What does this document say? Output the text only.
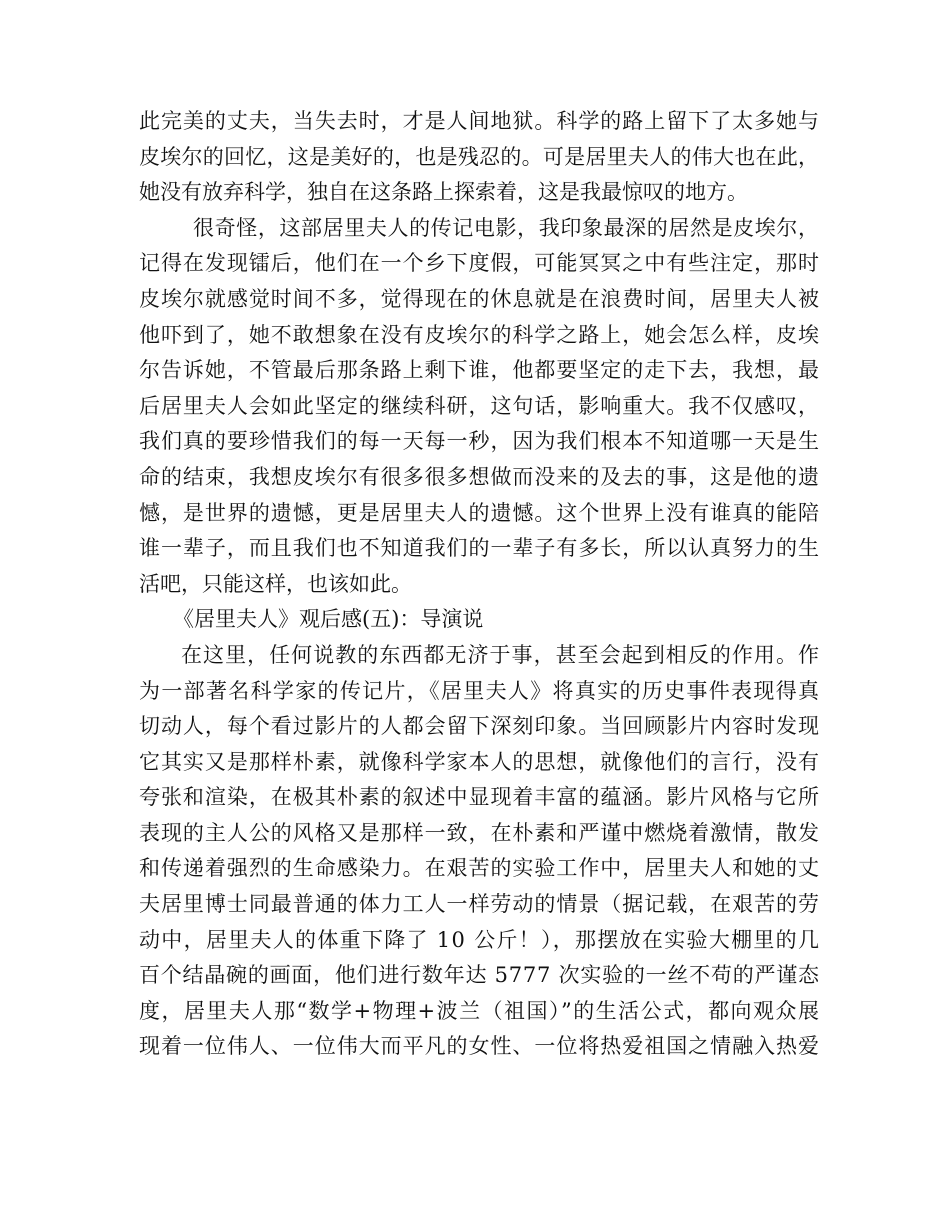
此完美的丈夫，当失去时，才是人间地狱。科学的路上留下了太多她与
皮埃尔的回忆，这是美好的，也是残忍的。可是居里夫人的伟大也在此，
她没有放弃科学，独自在这条路上探索着，这是我最惊叹的地方。
很奇怪，这部居里夫人的传记电影，我印象最深的居然是皮埃尔，
记得在发现镭后，他们在一个乡下度假，可能冥冥之中有些注定，那时
皮埃尔就感觉时间不多，觉得现在的休息就是在浪费时间，居里夫人被
他吓到了，她不敢想象在没有皮埃尔的科学之路上，她会怎么样，皮埃
尔告诉她，不管最后那条路上剩下谁，他都要坚定的走下去，我想，最
后居里夫人会如此坚定的继续科研，这句话，影响重大。我不仅感叹，
我们真的要珍惜我们的每一天每一秒，因为我们根本不知道哪一天是生
命的结束，我想皮埃尔有很多很多想做而没来的及去的事，这是他的遗
憾，是世界的遗憾，更是居里夫人的遗憾。这个世界上没有谁真的能陪
谁一辈子，而且我们也不知道我们的一辈子有多长，所以认真努力的生
活吧，只能这样，也该如此。
《居里夫人》观后感(五)：导演说
在这里，任何说教的东西都无济于事，甚至会起到相反的作用。作
为一部著名科学家的传记片，《居里夫人》将真实的历史事件表现得真
切动人，每个看过影片的人都会留下深刻印象。当回顾影片内容时发现
它其实又是那样朴素，就像科学家本人的思想，就像他们的言行，没有
夸张和渲染，在极其朴素的叙述中显现着丰富的蕴涵。影片风格与它所
表现的主人公的风格又是那样一致，在朴素和严谨中燃烧着激情，散发
和传递着强烈的生命感染力。在艰苦的实验工作中，居里夫人和她的丈
夫居里博士同最普通的体力工人一样劳动的情景（据记载，在艰苦的劳
动中，居里夫人的体重下降了 10 公斤！），那摆放在实验大棚里的几
百个结晶碗的画面，他们进行数年达 5777 次实验的一丝不苟的严谨态
度，居里夫人那“数学+物理+波兰（祖国）”的生活公式，都向观众展
现着一位伟人、一位伟大而平凡的女性、一位将热爱祖国之情融入热爱
